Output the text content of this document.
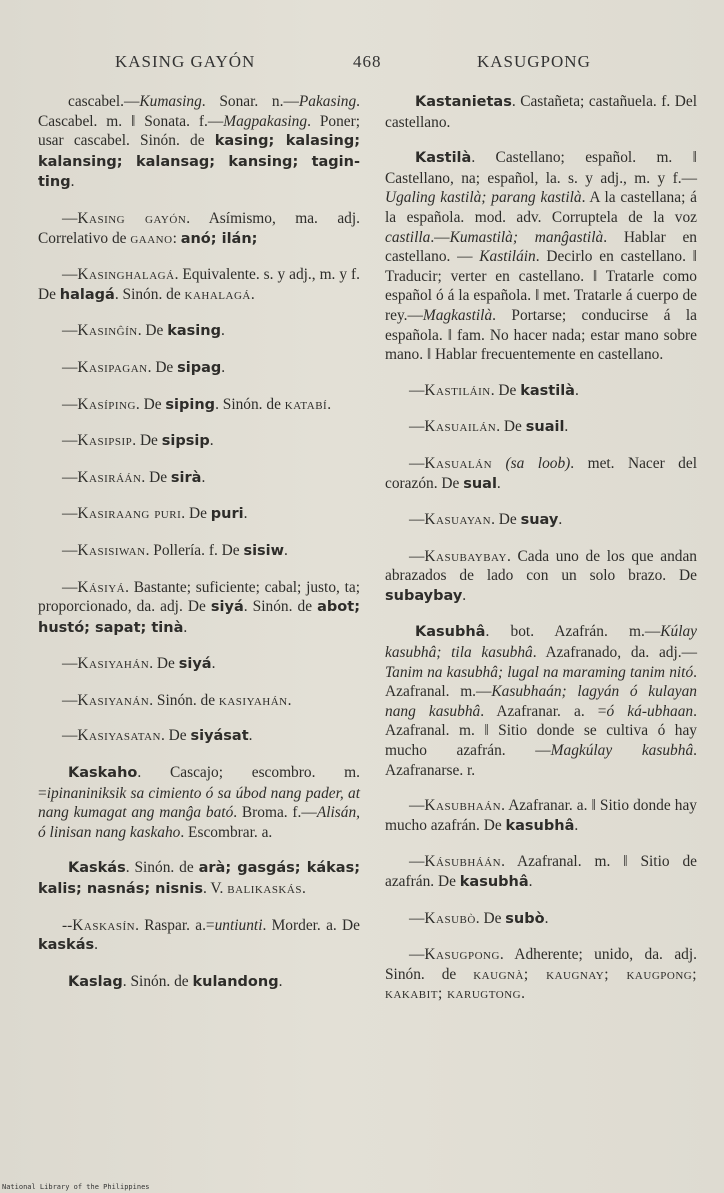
KASING GAYÓN	468	KASUGPONG
cascabel.—Kumasing. Sonar. n.—Pakasing. Cascabel. m. ‖ Sonata. f.—Magpakasing. Poner; usar cascabel. Sinón. de kasing; kalasing; kalansing; kalansag; kansing; taginting.
—Kasing gayón. Asímismo, ma. adj. Correlativo de gaano: anó; ilán;
—Kasinghalagá. Equivalente. s. y adj., m. y f. De halagá. Sinón. de kahalagá.
—Kasinĝín. De kasing.
—Kasipagan. De sipag.
—Kasíping. De siping. Sinón. de katabí.
—Kasipsip. De sipsip.
—Kasiráán. De sirà.
—Kasiraang puri. De puri.
—Kasisiwan. Pollería. f. De sisiw.
—Kásiyá. Bastante; suficiente; cabal; justo, ta; proporcionado, da. adj. De siyá. Sinón. de abot; hustó; sapat; tinà.
—Kasiyahán. De siyá.
—Kasiyanán. Sinón. de kasiyahán.
—Kasiyasatan. De siyásat.
Kaskaho. Cascajo; escombro. m. =ipinaniniksik sa cimiento ó sa úbod nang pader, at nang kumagat ang manĝa bató. Broma. f.—Alisán, ó linisan nang kaskaho. Escombrar. a.
Kaskás. Sinón. de arà; gasgás; kákas; kalis; nasnás; nisnis. V. balikaskás.
--Kaskasín. Raspar. a.=untiunti. Morder. a. De kaskás.
Kaslag. Sinón. de kulandong.
Kastanietas. Castañeta; castañuela. f. Del castellano.
Kastilà. Castellano; español. m. ‖ Castellano, na; español, la. s. y adj., m. y f.—Ugaling kastilà; parang kastilà. A la castellana; á la española. mod. adv. Corruptela de la voz castilla.—Kumastilà; manĝastilà. Hablar en castellano. — Kastiláin. Decirlo en castellano. ‖ Traducir; verter en castellano. ‖ Tratarle como español ó á la española. ‖ met. Tratarle á cuerpo de rey.—Magkastilà. Portarse; conducirse á la española. ‖ fam. No hacer nada; estar mano sobre mano. ‖ Hablar frecuentemente en castellano.
—Kastiláin. De kastilà.
—Kasuailán. De suail.
—Kasualán (sa loob). met. Nacer del corazón. De sual.
—Kasuayan. De suay.
—Kasubaybay. Cada uno de los que andan abrazados de lado con un solo brazo. De subaybay.
Kasubhâ. bot. Azafrán. m.—Kúlay kasubhâ; tila kasubhâ. Azafranado, da. adj.—Tanim na kasubhâ; lugal na maraming tanim nitó. Azafranal. m.—Kasubhaán; lagyán ó kulayan nang kasubhâ. Azafranar. a. =ó ká-ubhaan. Azafranal. m. ‖ Sitio donde se cultiva ó hay mucho azafrán. —Magkúlay kasubhâ. Azafranarse. r.
—Kasubhaán. Azafranar. a. ‖ Sitio donde hay mucho azafrán. De kasubhâ.
—Kásubháán. Azafranal. m. ‖ Sitio de azafrán. De kasubhâ.
—Kasubò. De subò.
—Kasugpong. Adherente; unido, da. adj. Sinón. de kaugnà; kaugnay; kaugpong; kakabit; karugtong.
National Library of the Philippines
